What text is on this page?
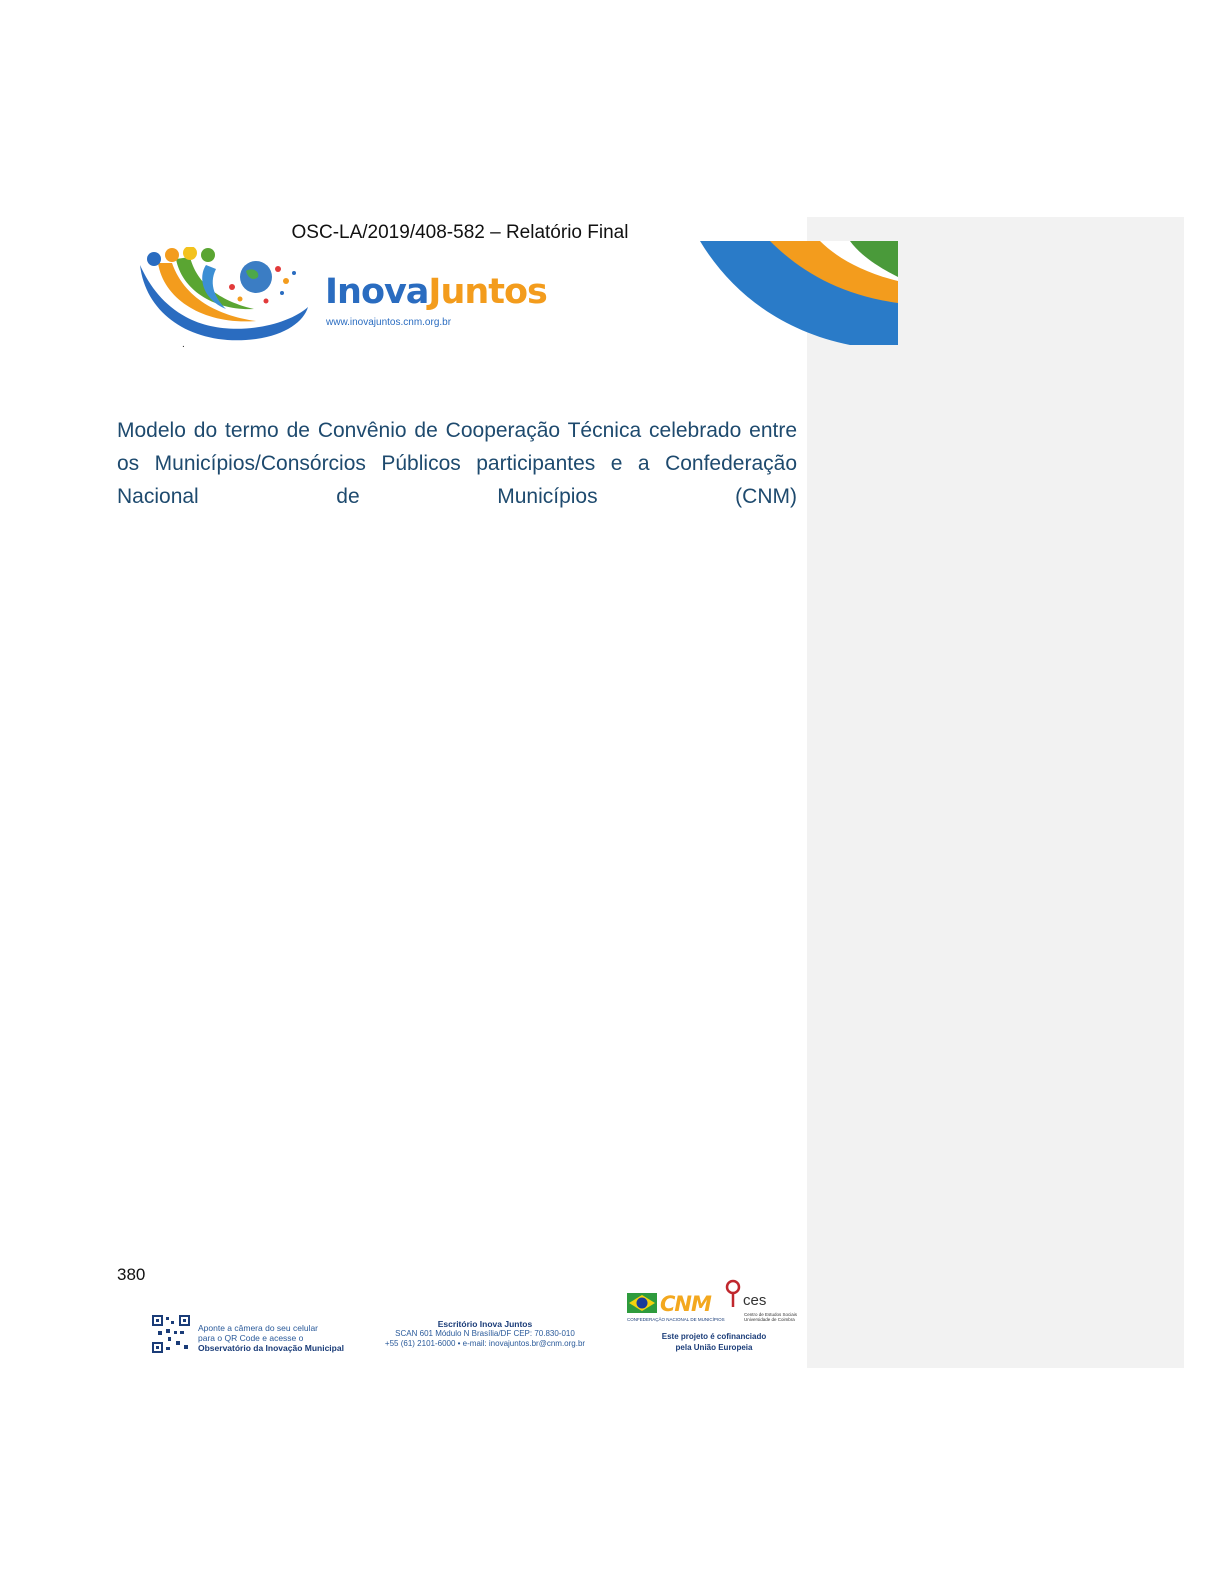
OSC-LA/2019/408-582 – Relatório Final
InovaJuntos
www.inovajuntos.cnm.org.br
.
Modelo do termo de Convênio de Cooperação Técnica celebrado entre os Municípios/Consórcios Públicos participantes e a Confederação Nacional de Municípios (CNM)
380
Aponte a câmera do seu celular
para o QR Code e acesse o
Observatório da Inovação Municipal
Escritório Inova Juntos
SCAN 601 Módulo N Brasília/DF CEP: 70.830-010
+55 (61) 2101-6000 • e-mail: inovajuntos.br@cnm.org.br
CNM
CONFEDERAÇÃO NACIONAL DE MUNICÍPIOS
ces
Centro de Estudos Sociais Universidade de Coimbra
Este projeto é cofinanciado
pela União Europeia
